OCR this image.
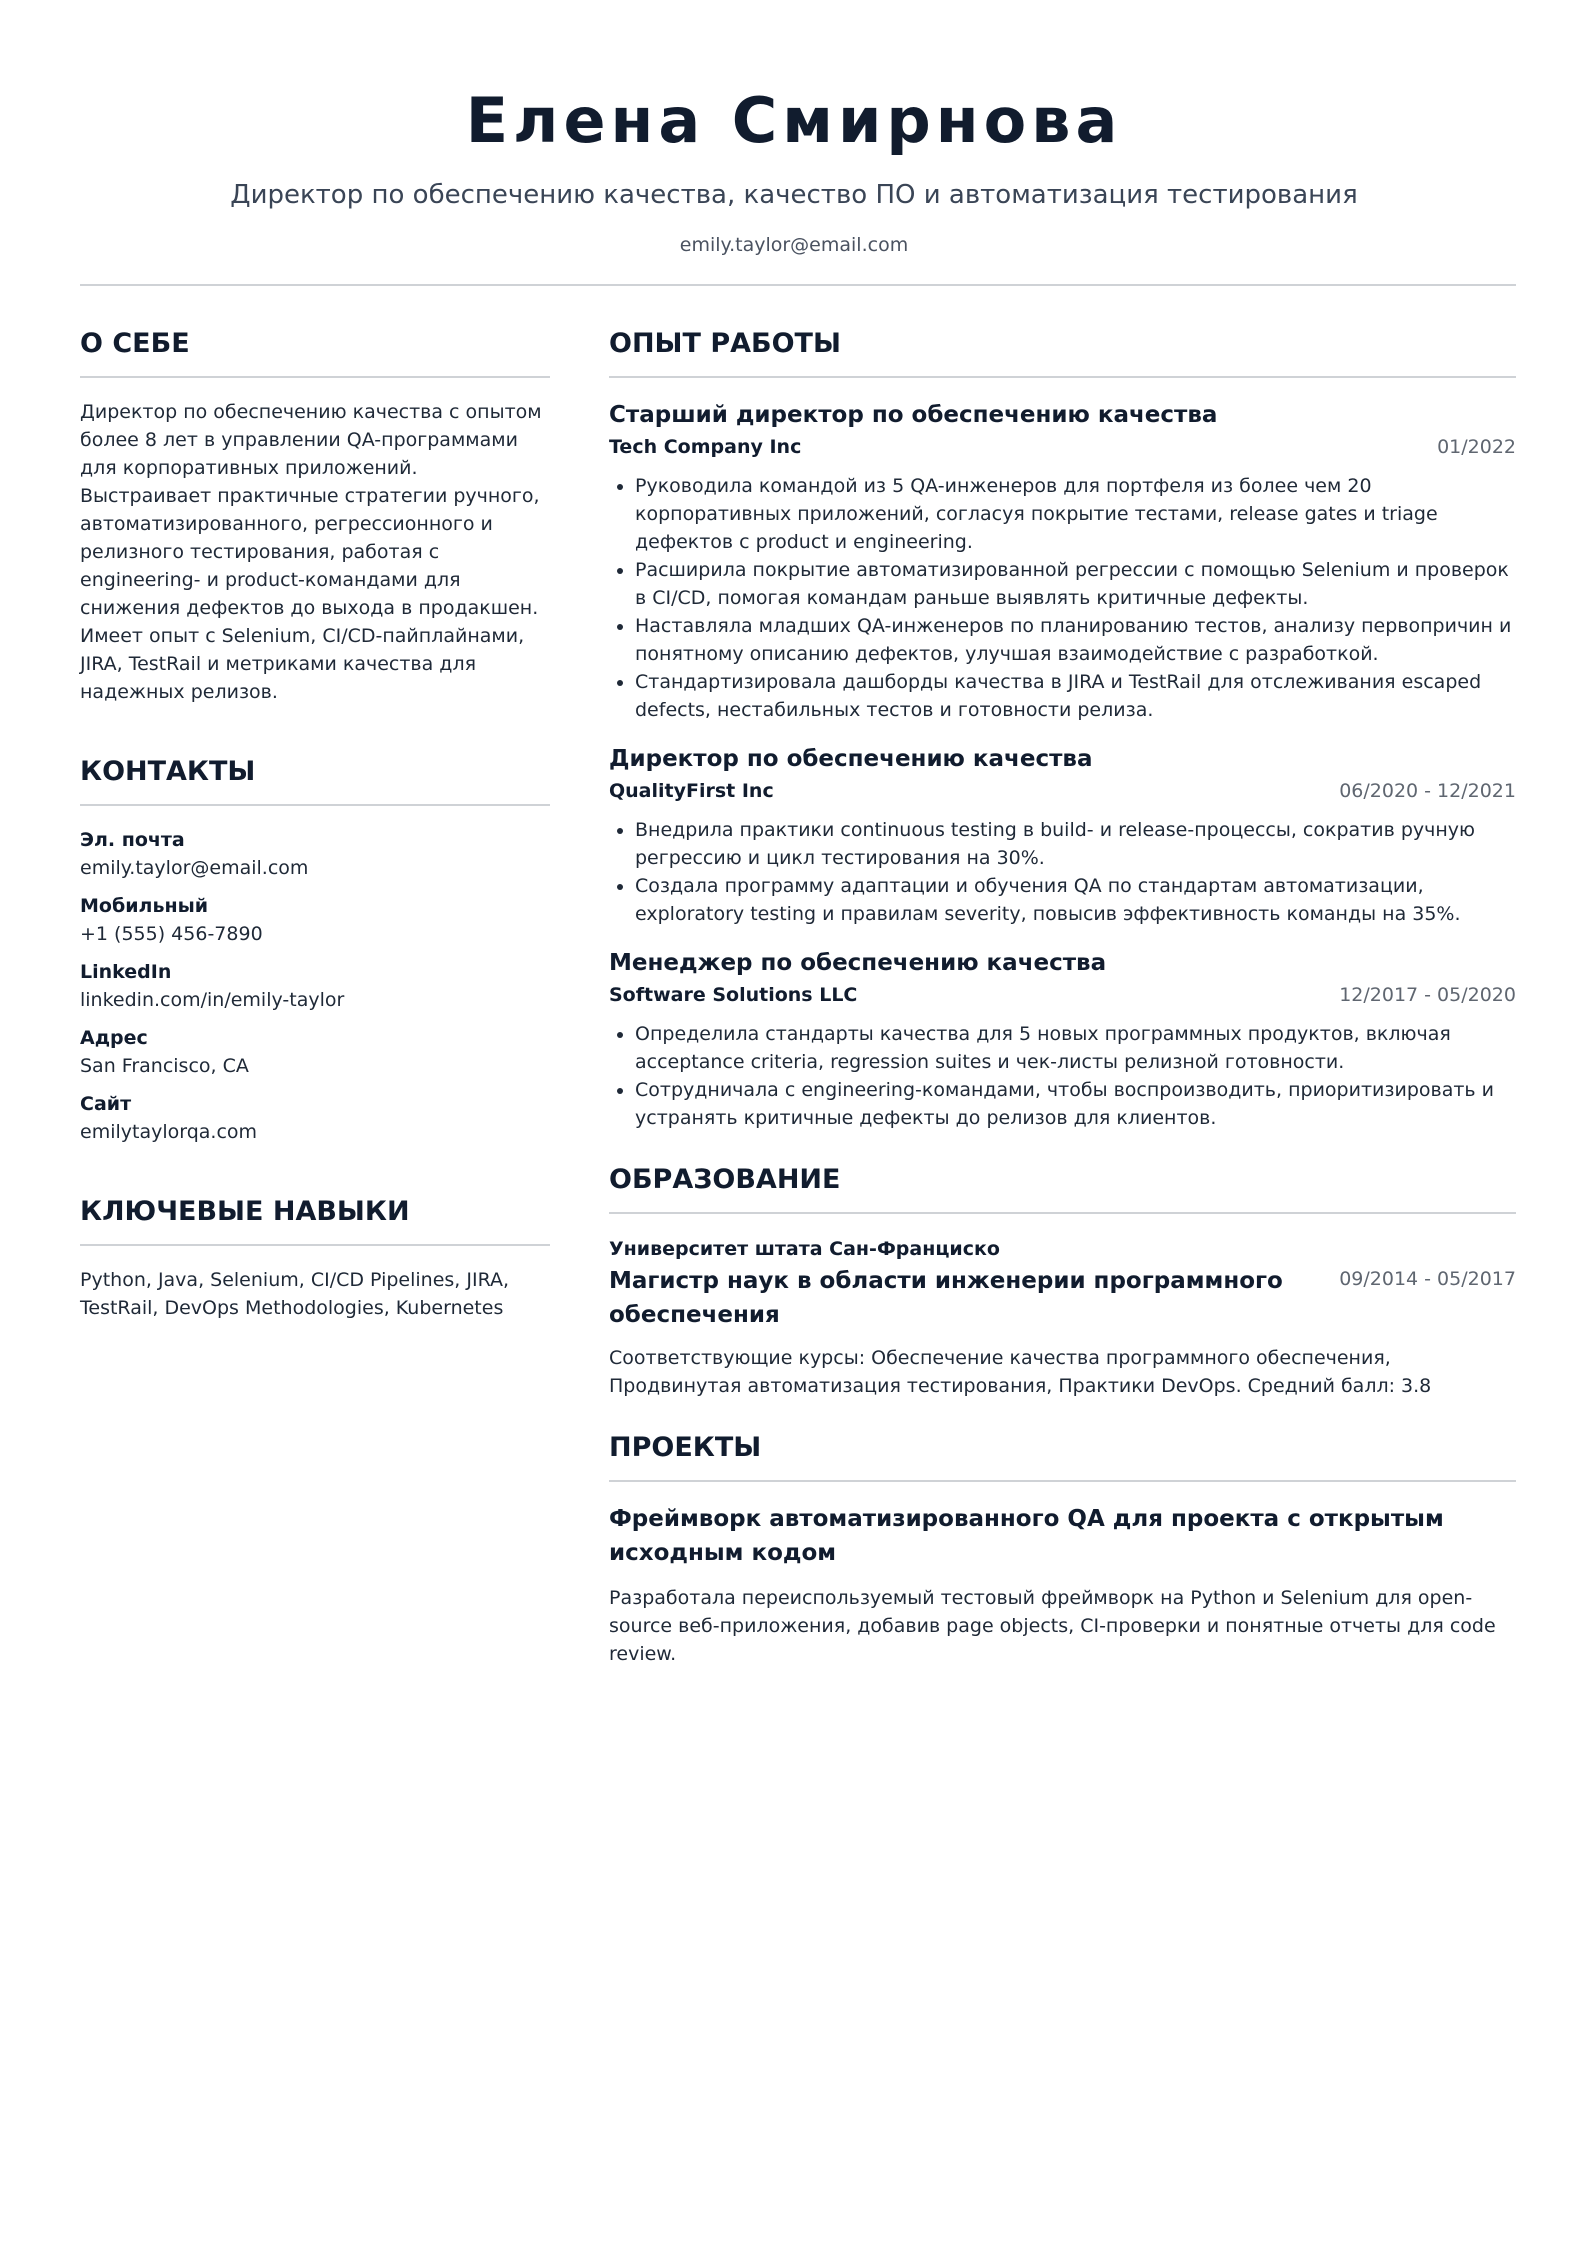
Елена Смирнова
Директор по обеспечению качества, качество ПО и автоматизация тестирования
emily.taylor@email.com
О СЕБЕ
Директор по обеспечению качества с опытом более 8 лет в управлении QA-программами для корпоративных приложений. Выстраивает практичные стратегии ручного, автоматизированного, регрессионного и релизного тестирования, работая с engineering- и product-командами для снижения дефектов до выхода в продакшен. Имеет опыт с Selenium, CI/CD-пайплайнами, JIRA, TestRail и метриками качества для надежных релизов.
КОНТАКТЫ
Эл. почта
emily.taylor@email.com
Мобильный
+1 (555) 456-7890
LinkedIn
linkedin.com/in/emily-taylor
Адрес
San Francisco, CA
Сайт
emilytaylorqa.com
КЛЮЧЕВЫЕ НАВЫКИ
Python, Java, Selenium, CI/CD Pipelines, JIRA, TestRail, DevOps Methodologies, Kubernetes
ОПЫТ РАБОТЫ
Старший директор по обеспечению качества
Tech Company Inc	01/2022
• Руководила командой из 5 QA-инженеров для портфеля из более чем 20 корпоративных приложений, согласуя покрытие тестами, release gates и triage дефектов с product и engineering.
• Расширила покрытие автоматизированной регрессии с помощью Selenium и проверок в CI/CD, помогая командам раньше выявлять критичные дефекты.
• Наставляла младших QA-инженеров по планированию тестов, анализу первопричин и понятному описанию дефектов, улучшая взаимодействие с разработкой.
• Стандартизировала дашборды качества в JIRA и TestRail для отслеживания escaped defects, нестабильных тестов и готовности релиза.
Директор по обеспечению качества
QualityFirst Inc	06/2020 - 12/2021
• Внедрила практики continuous testing в build- и release-процессы, сократив ручную регрессию и цикл тестирования на 30%.
• Создала программу адаптации и обучения QA по стандартам автоматизации, exploratory testing и правилам severity, повысив эффективность команды на 35%.
Менеджер по обеспечению качества
Software Solutions LLC	12/2017 - 05/2020
• Определила стандарты качества для 5 новых программных продуктов, включая acceptance criteria, regression suites и чек-листы релизной готовности.
• Сотрудничала с engineering-командами, чтобы воспроизводить, приоритизировать и устранять критичные дефекты до релизов для клиентов.
ОБРАЗОВАНИЕ
Университет штата Сан-Франциско
Магистр наук в области инженерии программного обеспечения
09/2014 - 05/2017
Соответствующие курсы: Обеспечение качества программного обеспечения, Продвинутая автоматизация тестирования, Практики DevOps. Средний балл: 3.8
ПРОЕКТЫ
Фреймворк автоматизированного QA для проекта с открытым исходным кодом
Разработала переиспользуемый тестовый фреймворк на Python и Selenium для open-source веб-приложения, добавив page objects, CI-проверки и понятные отчеты для code review.
